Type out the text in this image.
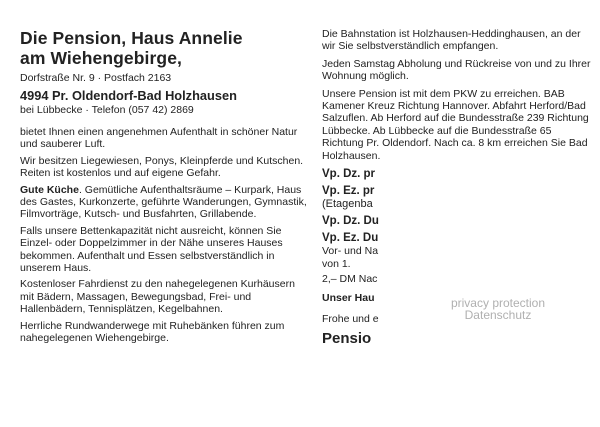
Die Pension, Haus Annelie
am Wiehengebirge,
Dorfstraße Nr. 9 · Postfach 2163
4994 Pr. Oldendorf-Bad Holzhausen
bei Lübbecke · Telefon (057 42) 2869

bietet Ihnen einen angenehmen Aufenthalt in schöner Natur und sauberer Luft.

Wir besitzen Liegewiesen, Ponys, Kleinpferde und Kutschen. Reiten ist kostenlos und auf eigene Gefahr.

Gute Küche. Gemütliche Aufenthaltsräume – Kurpark, Haus des Gastes, Kurkonzerte, geführte Wanderungen, Gymnastik, Filmvorträge, Kutsch- und Busfahrten, Grillabende.

Falls unsere Bettenkapazität nicht ausreicht, können Sie Einzel- oder Doppelzimmer in der Nähe unseres Hauses bekommen. Aufenthalt und Essen selbstverständlich in unserem Haus.

Kostenloser Fahrdienst zu den nahegelegenen Kurhäusern mit Bädern, Massagen, Bewegungsbad, Frei- und Hallenbädern, Tennisplätzen, Kegelbahnen.

Herrliche Rundwanderwege mit Ruhebänken führen zum nahegelegenen Wiehengebirge.

Die Bahnstation ist Holzhausen-Heddinghausen, an der wir Sie selbstverständlich empfangen.

Jeden Samstag Abholung und Rückreise von und zu Ihrer Wohnung möglich.

Unsere Pension ist mit dem PKW zu erreichen. BAB Kamener Kreuz Richtung Hannover. Abfahrt Herford/Bad Salzuflen. Ab Herford auf die Bundesstraße 239 Richtung Lübbecke. Ab Lübbecke auf die Bundesstraße 65 Richtung Pr. Oldendorf. Nach ca. 8 km erreichen Sie Bad Holzhausen.

Vp. Dz. pr
Vp. Ez. pr
(Etagenba
Vp. Dz. Du
Vp. Ez. Du
Vor- und Na
von 1.
2,– DM Nac
Unser Hau
Frohe und e
Pensio
privacy protection
Datenschutz
